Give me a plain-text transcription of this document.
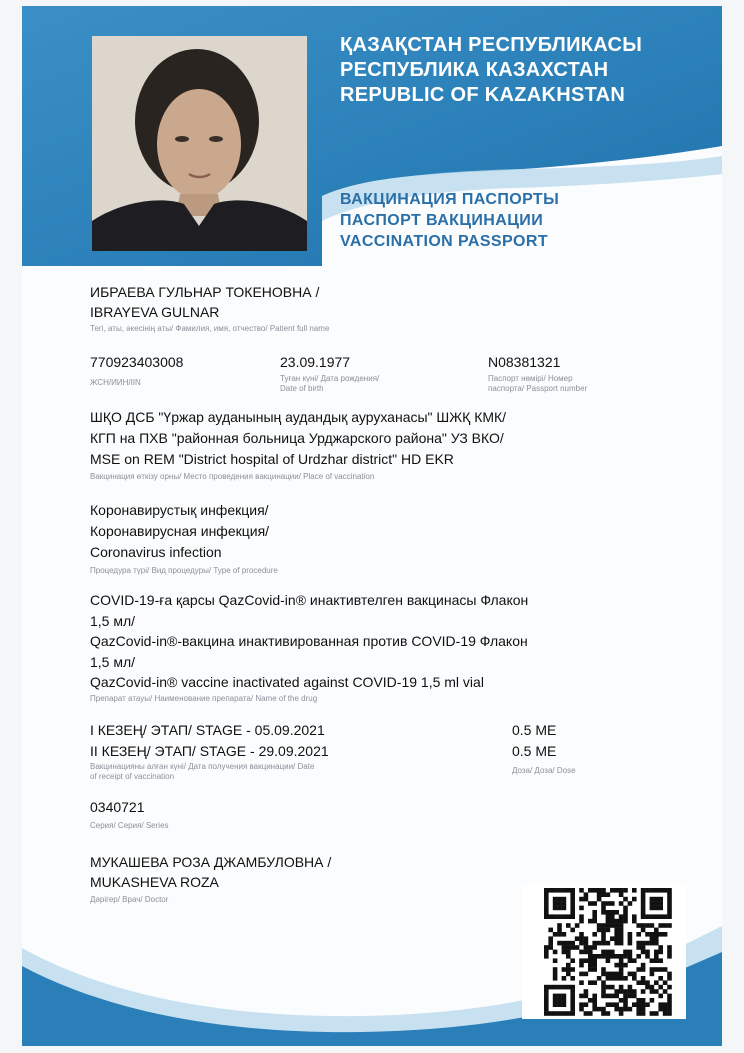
ҚАЗАҚСТАН РЕСПУБЛИКАСЫ
РЕСПУБЛИКА КАЗАХСТАН
REPUBLIC OF KAZAKHSTAN
ВАКЦИНАЦИЯ ПАСПОРТЫ
ПАСПОРТ ВАКЦИНАЦИИ
VACCINATION PASSPORT
ИБРАЕВА ГУЛЬНАР ТОКЕНОВНА /
IBRAYEVA GULNAR
Тегі, аты, әкесінің аты/ Фамилия, имя, отчество/ Patient full name
770923403008
ЖСН/ИИН/IIN
23.09.1977
Туған күні/ Дата рождения/
Date of birth
N08381321
Паспорт нөмірі/ Номер
паспорта/ Passport number
ШҚО ДСБ "Үржар ауданының аудандық ауруханасы" ШЖҚ КМК/
КГП на ПХВ "районная больница Урджарского района" УЗ ВКО/
MSE on REM "District hospital of Urdzhar district" HD EKR
Вакцинация өткізу орны/ Место проведения вакцинации/ Place of vaccination
Коронавирустық инфекция/
Коронавирусная инфекция/
Coronavirus infection
Процедура түрі/ Вид процедуры/ Type of procedure
COVID-19-ға қарсы QazCovid-in® инактивтелген вакцинасы Флакон
1,5 мл/
QazCovid-in®-вакцина инактивированная против COVID-19 Флакон
1,5 мл/
QazCovid-in® vaccine inactivated against COVID-19 1,5 ml vial
Препарат атауы/ Наименование препарата/ Name of the drug
I КЕЗЕҢ/ ЭТАП/ STAGE - 05.09.2021
II КЕЗЕҢ/ ЭТАП/ STAGE - 29.09.2021
0.5 МЕ
0.5 МЕ
Вакцинацияны алған күні/ Дата получения вакцинации/ Date
of receipt of vaccination
Доза/ Доза/ Dose
0340721
Серия/ Серия/ Series
МУКАШЕВА РОЗА ДЖАМБУЛОВНА /
MUKASHEVA ROZA
Дәрігер/ Врач/ Doctor
